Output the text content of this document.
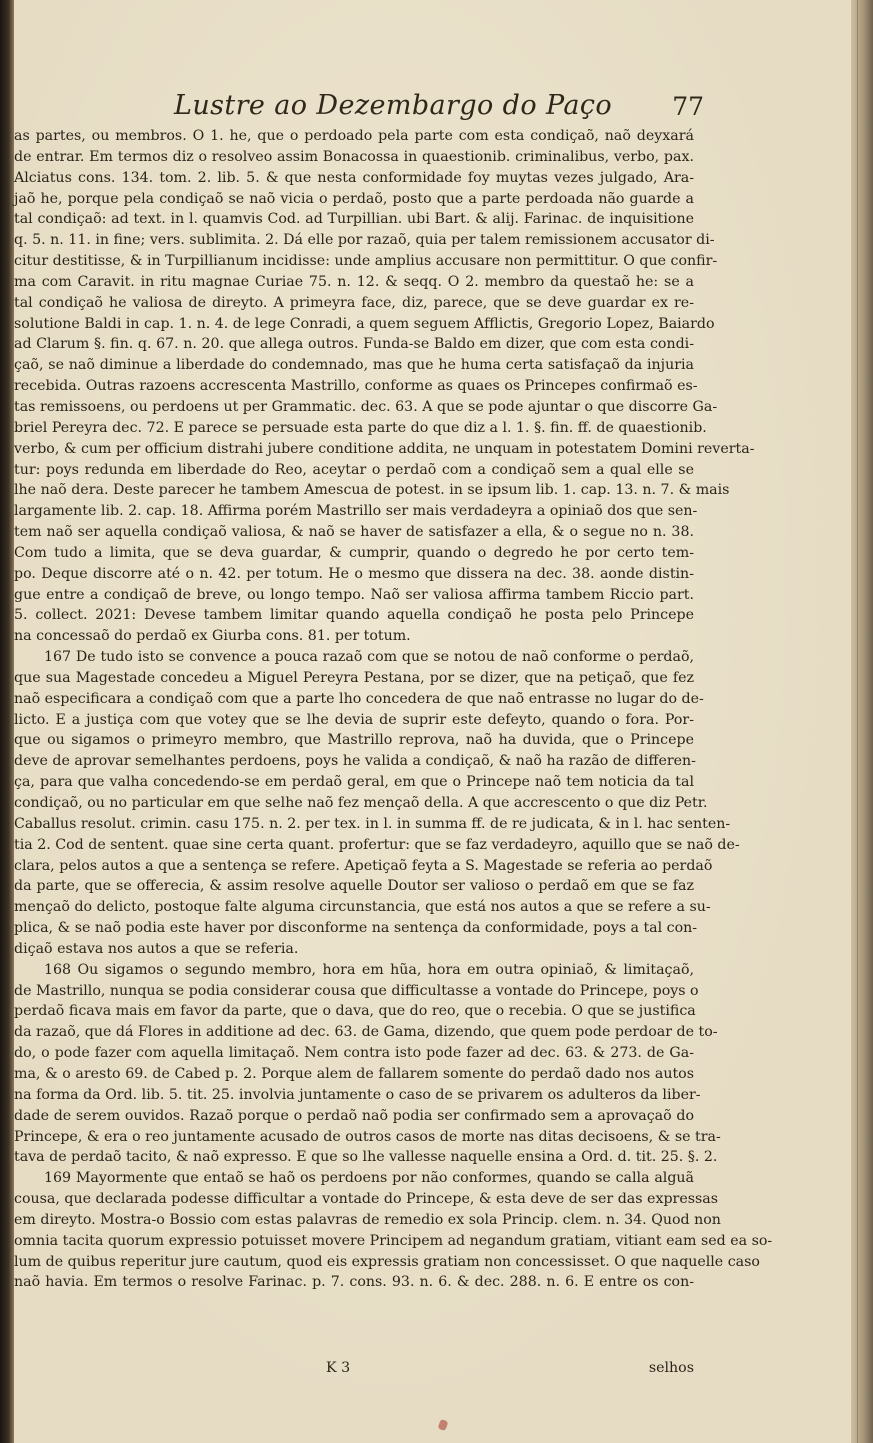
Lustre ao Dezembargo do Paço	77
as partes, ou membros. O 1. he, que o perdoado pela parte com esta condiçaõ, naõ deyxará
de entrar. Em termos diz o resolveo assim Bonacossa in quaestionib. criminalibus, verbo, pax.
Alciatus cons. 134. tom. 2. lib. 5. & que nesta conformidade foy muytas vezes julgado, Ara-
jaõ he, porque pela condiçaõ se naõ vicia o perdaõ, posto que a parte perdoada não guarde a
tal condiçaõ: ad text. in l. quamvis Cod. ad Turpillian. ubi Bart. & alij. Farinac. de inquisitione
q. 5. n. 11. in fine; vers. sublimita. 2. Dá elle por razaõ, quia per talem remissionem accusator di-
citur destitisse, & in Turpillianum incidisse: unde amplius accusare non permittitur. O que confir-
ma com Caravit. in ritu magnae Curiae 75. n. 12. & seqq. O 2. membro da questaõ he: se a
tal condiçaõ he valiosa de direyto. A primeyra face, diz, parece, que se deve guardar ex re-
solutione Baldi in cap. 1. n. 4. de lege Conradi, a quem seguem Afflictis, Gregorio Lopez, Baiardo
ad Clarum §. fin. q. 67. n. 20. que allega outros. Funda-se Baldo em dizer, que com esta condi-
çaõ, se naõ diminue a liberdade do condemnado, mas que he huma certa satisfaçaõ da injuria
recebida. Outras razoens accrescenta Mastrillo, conforme as quaes os Princepes confirmaõ es-
tas remissoens, ou perdoens ut per Grammatic. dec. 63. A que se pode ajuntar o que discorre Ga-
briel Pereyra dec. 72. E parece se persuade esta parte do que diz a l. 1. §. fin. ff. de quaestionib.
verbo, & cum per officium distrahi jubere conditione addita, ne unquam in potestatem Domini reverta-
tur: poys redunda em liberdade do Reo, aceytar o perdaõ com a condiçaõ sem a qual elle se
lhe naõ dera. Deste parecer he tambem Amescua de potest. in se ipsum lib. 1. cap. 13. n. 7. & mais
largamente lib. 2. cap. 18. Affirma porém Mastrillo ser mais verdadeyra a opiniaõ dos que sen-
tem naõ ser aquella condiçaõ valiosa, & naõ se haver de satisfazer a ella, & o segue no n. 38.
Com tudo a limita, que se deva guardar, & cumprir, quando o degredo he por certo tem-
po. Deque discorre até o n. 42. per totum. He o mesmo que dissera na dec. 38. aonde distin-
gue entre a condiçaõ de breve, ou longo tempo. Naõ ser valiosa affirma tambem Riccio part.
5. collect. 2021: Devese tambem limitar quando aquella condiçaõ he posta pelo Princepe
na concessaõ do perdaõ ex Giurba cons. 81. per totum.
167 De tudo isto se convence a pouca razaõ com que se notou de naõ conforme o perdaõ,
que sua Magestade concedeu a Miguel Pereyra Pestana, por se dizer, que na petiçaõ, que fez
naõ especificara a condiçaõ com que a parte lho concedera de que naõ entrasse no lugar do de-
licto. E a justiça com que votey que se lhe devia de suprir este defeyto, quando o fora. Por-
que ou sigamos o primeyro membro, que Mastrillo reprova, naõ ha duvida, que o Princepe
deve de aprovar semelhantes perdoens, poys he valida a condiçaõ, & naõ ha razão de differen-
ça, para que valha concedendo-se em perdaõ geral, em que o Princepe naõ tem noticia da tal
condiçaõ, ou no particular em que selhe naõ fez mençaõ della. A que accrescento o que diz Petr.
Caballus resolut. crimin. casu 175. n. 2. per tex. in l. in summa ff. de re judicata, & in l. hac senten-
tia 2. Cod de sentent. quae sine certa quant. profertur: que se faz verdadeyro, aquillo que se naõ de-
clara, pelos autos a que a sentença se refere. Apetiçaõ feyta a S. Magestade se referia ao perdaõ
da parte, que se offerecia, & assim resolve aquelle Doutor ser valioso o perdaõ em que se faz
mençaõ do delicto, postoque falte alguma circunstancia, que está nos autos a que se refere a su-
plica, & se naõ podia este haver por disconforme na sentença da conformidade, poys a tal con-
diçaõ estava nos autos a que se referia.
168 Ou sigamos o segundo membro, hora em hũa, hora em outra opiniaõ, & limitaçaõ,
de Mastrillo, nunqua se podia considerar cousa que difficultasse a vontade do Princepe, poys o
perdaõ ficava mais em favor da parte, que o dava, que do reo, que o recebia. O que se justifica
da razaõ, que dá Flores in additione ad dec. 63. de Gama, dizendo, que quem pode perdoar de to-
do, o pode fazer com aquella limitaçaõ. Nem contra isto pode fazer ad dec. 63. & 273. de Ga-
ma, & o aresto 69. de Cabed p. 2. Porque alem de fallarem somente do perdaõ dado nos autos
na forma da Ord. lib. 5. tit. 25. involvia juntamente o caso de se privarem os adulteros da liber-
dade de serem ouvidos. Razaõ porque o perdaõ naõ podia ser confirmado sem a aprovaçaõ do
Princepe, & era o reo juntamente acusado de outros casos de morte nas ditas decisoens, & se tra-
tava de perdaõ tacito, & naõ expresso. E que so lhe vallesse naquelle ensina a Ord. d. tit. 25. §. 2.
169 Mayormente que entaõ se haõ os perdoens por não conformes, quando se calla alguã
cousa, que declarada podesse difficultar a vontade do Princepe, & esta deve de ser das expressas
em direyto. Mostra-o Bossio com estas palavras de remedio ex sola Princip. clem. n. 34. Quod non
omnia tacita quorum expressio potuisset movere Principem ad negandum gratiam, vitiant eam sed ea so-
lum de quibus reperitur jure cautum, quod eis expressis gratiam non concessisset. O que naquelle caso
naõ havia. Em termos o resolve Farinac. p. 7. cons. 93. n. 6. & dec. 288. n. 6. E entre os con-
K 3	selhos
